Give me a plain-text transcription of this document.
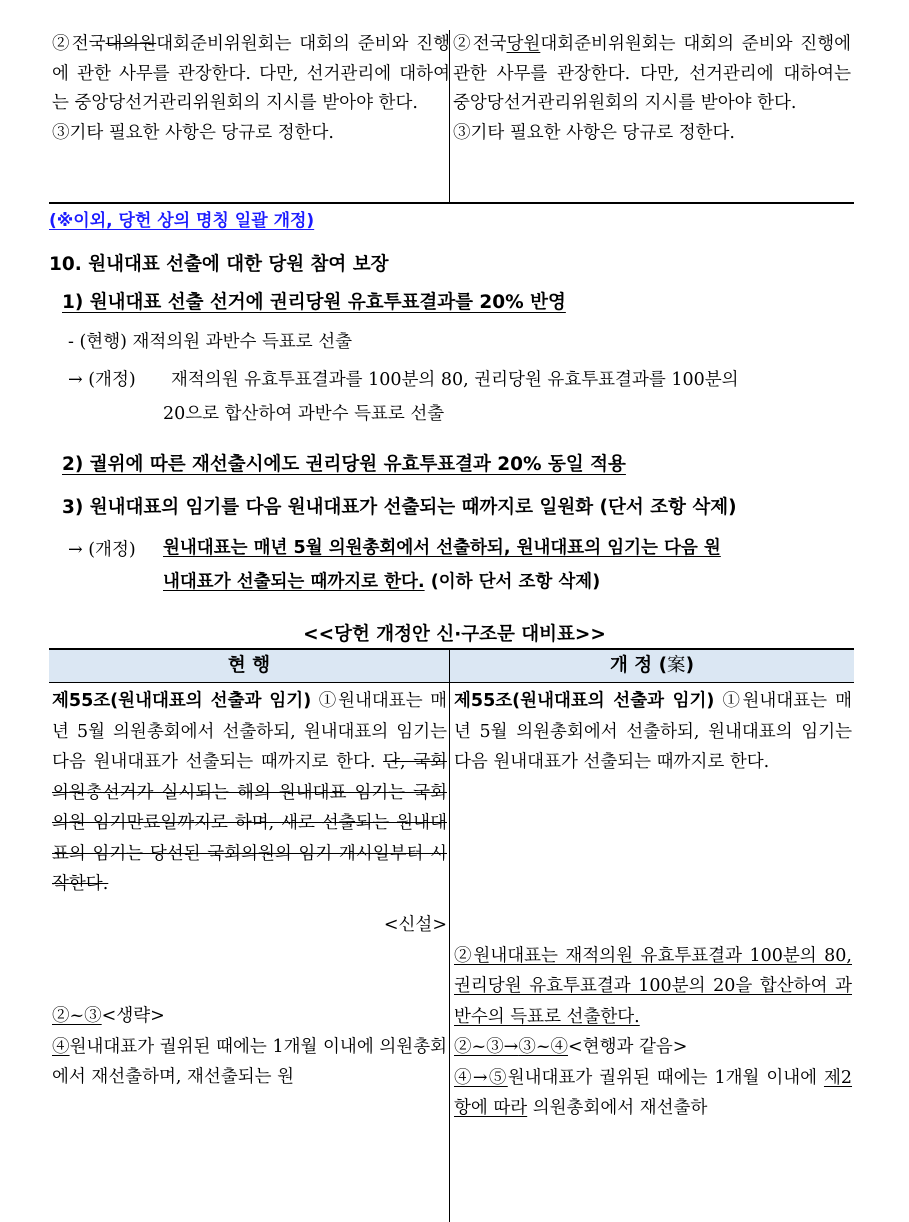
②전국대의원대회준비위원회는 대회의 준비와 진행에 관한 사무를 관장한다. 다만, 선거관리에 대하여는 중앙당선거관리위원회의 지시를 받아야 한다.

③기타 필요한 사항은 당규로 정한다.

②전국당원대회준비위원회는 대회의 준비와 진행에 관한 사무를 관장한다. 다만, 선거관리에 대하여는 중앙당선거관리위원회의 지시를 받아야 한다.

③기타 필요한 사항은 당규로 정한다.

(※이외, 당헌 상의 명칭 일괄 개정)
10. 원내대표 선출에 대한 당원 참여 보장
1) 원내대표 선출 선거에 권리당원 유효투표결과를 20% 반영
- (현행) 재적의원 과반수 득표로 선출
→ (개정) 재적의원 유효투표결과를 100분의 80, 권리당원 유효투표결과를 100분의
20으로 합산하여 과반수 득표로 선출
2) 궐위에 따른 재선출시에도 권리당원 유효투표결과 20% 동일 적용
3) 원내대표의 임기를 다음 원내대표가 선출되는 때까지로 일원화 (단서 조항 삭제)
→ (개정) 원내대표는 매년 5월 의원총회에서 선출하되, 원내대표의 임기는 다음 원
내대표가 선출되는 때까지로 한다. (이하 단서 조항 삭제)
<<당헌 개정안 신·구조문 대비표>>
현 행	개 정 (案)

제55조(원내대표의 선출과 임기) ①원내대표는 매년 5월 의원총회에서 선출하되, 원내대표의 임기는 다음 원내대표가 선출되는 때까지로 한다. 단, 국회의원총선거가 실시되는 해의 원내대표 임기는 국회의원 임기만료일까지로 하며, 새로 선출되는 원내대표의 임기는 당선된 국회의원의 임기 개시일부터 시작한다.

<신설>

②~③<생략>

④원내대표가 궐위된 때에는 1개월 이내에 의원총회에서 재선출하며, 재선출되는 원

제55조(원내대표의 선출과 임기) ①원내대표는 매년 5월 의원총회에서 선출하되, 원내대표의 임기는 다음 원내대표가 선출되는 때까지로 한다.

②원내대표는 재적의원 유효투표결과 100분의 80, 권리당원 유효투표결과 100분의 20을 합산하여 과반수의 득표로 선출한다.

②~③→③~④<현행과 같음>

④→⑤원내대표가 궐위된 때에는 1개월 이내에 제2항에 따라 의원총회에서 재선출하
